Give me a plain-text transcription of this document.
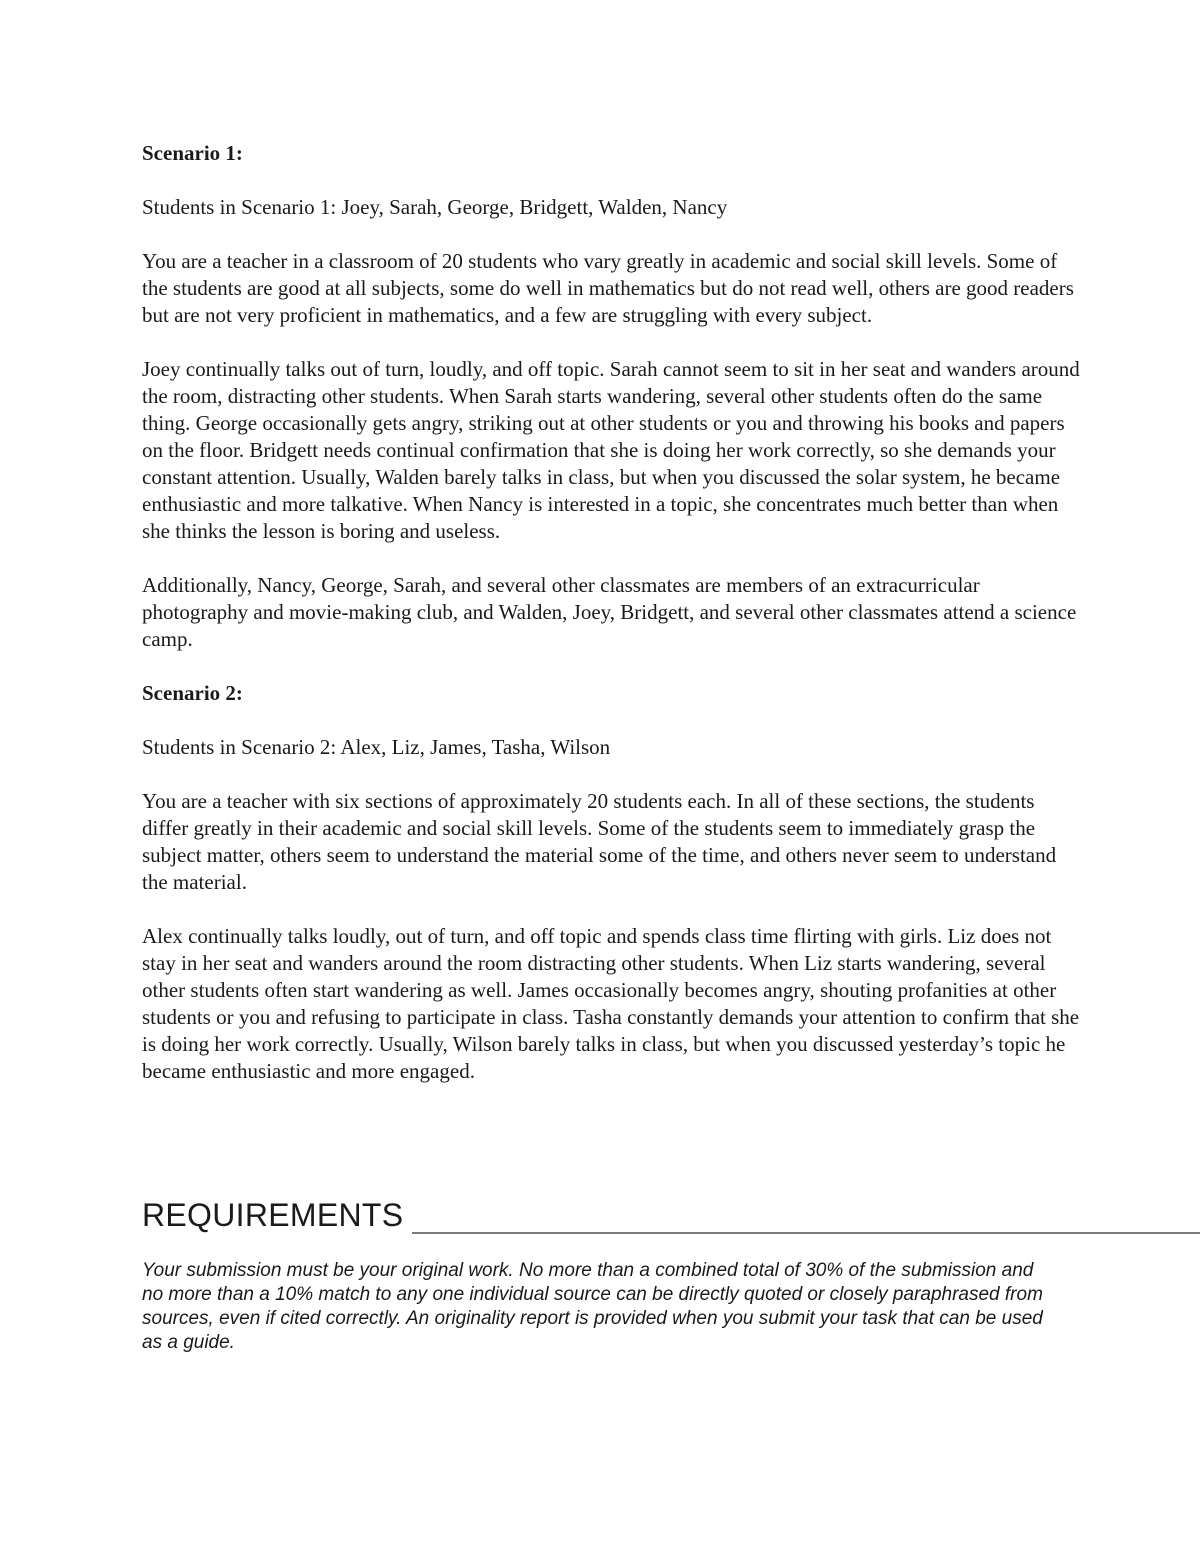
Scenario 1:

Students in Scenario 1: Joey, Sarah, George, Bridgett, Walden, Nancy

You are a teacher in a classroom of 20 students who vary greatly in academic and social skill levels. Some of the students are good at all subjects, some do well in mathematics but do not read well, others are good readers but are not very proficient in mathematics, and a few are struggling with every subject.

Joey continually talks out of turn, loudly, and off topic. Sarah cannot seem to sit in her seat and wanders around the room, distracting other students. When Sarah starts wandering, several other students often do the same thing. George occasionally gets angry, striking out at other students or you and throwing his books and papers on the floor. Bridgett needs continual confirmation that she is doing her work correctly, so she demands your constant attention. Usually, Walden barely talks in class, but when you discussed the solar system, he became enthusiastic and more talkative. When Nancy is interested in a topic, she concentrates much better than when she thinks the lesson is boring and useless.

Additionally, Nancy, George, Sarah, and several other classmates are members of an extracurricular photography and movie-making club, and Walden, Joey, Bridgett, and several other classmates attend a science camp.

Scenario 2:

Students in Scenario 2: Alex, Liz, James, Tasha, Wilson

You are a teacher with six sections of approximately 20 students each. In all of these sections, the students differ greatly in their academic and social skill levels. Some of the students seem to immediately grasp the subject matter, others seem to understand the material some of the time, and others never seem to understand the material.

Alex continually talks loudly, out of turn, and off topic and spends class time flirting with girls. Liz does not stay in her seat and wanders around the room distracting other students. When Liz starts wandering, several other students often start wandering as well. James occasionally becomes angry, shouting profanities at other students or you and refusing to participate in class. Tasha constantly demands your attention to confirm that she is doing her work correctly. Usually, Wilson barely talks in class, but when you discussed yesterday’s topic he became enthusiastic and more engaged.

REQUIREMENTS

Your submission must be your original work. No more than a combined total of 30% of the submission and no more than a 10% match to any one individual source can be directly quoted or closely paraphrased from sources, even if cited correctly. An originality report is provided when you submit your task that can be used as a guide.
